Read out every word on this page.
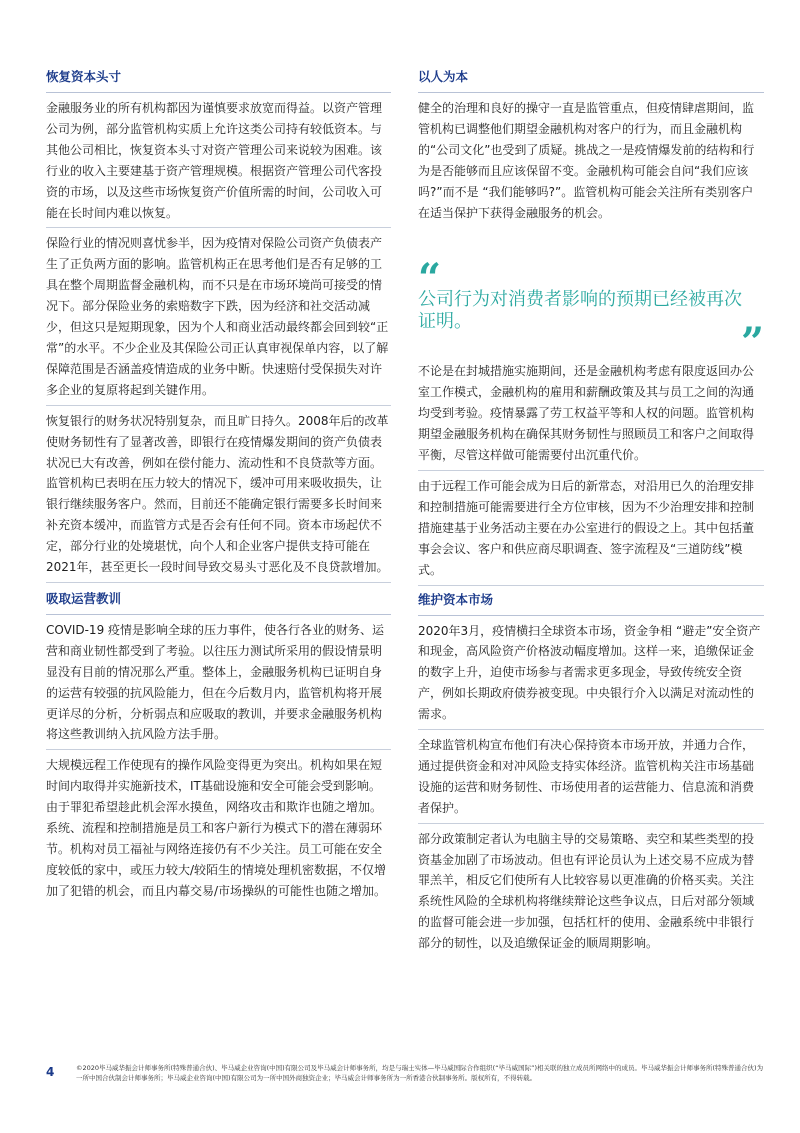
恢复资本头寸

金融服务业的所有机构都因为谨慎要求放宽而得益。以资产管理公司为例，部分监管机构实质上允许这类公司持有较低资本。与其他公司相比，恢复资本头寸对资产管理公司来说较为困难。该行业的收入主要建基于资产管理规模。根据资产管理公司代客投资的市场，以及这些市场恢复资产价值所需的时间，公司收入可能在长时间内难以恢复。

保险行业的情况则喜忧参半，因为疫情对保险公司资产负债表产生了正负两方面的影响。监管机构正在思考他们是否有足够的工具在整个周期监督金融机构，而不只是在市场环境尚可接受的情况下。部分保险业务的索赔数字下跌，因为经济和社交活动减少，但这只是短期现象，因为个人和商业活动最终都会回到较“正常”的水平。不少企业及其保险公司正认真审视保单内容，以了解保障范围是否涵盖疫情造成的业务中断。快速赔付受保损失对许多企业的复原将起到关键作用。

恢复银行的财务状况特别复杂，而且旷日持久。2008年后的改革使财务韧性有了显著改善，即银行在疫情爆发期间的资产负债表状况已大有改善，例如在偿付能力、流动性和不良贷款等方面。监管机构已表明在压力较大的情况下，缓冲可用来吸收损失，让银行继续服务客户。然而，目前还不能确定银行需要多长时间来补充资本缓冲，而监管方式是否会有任何不同。资本市场起伏不定，部分行业的处境堪忧，向个人和企业客户提供支持可能在2021年，甚至更长一段时间导致交易头寸恶化及不良贷款增加。

吸取运营教训

COVID-19 疫情是影响全球的压力事件，使各行各业的财务、运营和商业韧性都受到了考验。以往压力测试所采用的假设情景明显没有目前的情况那么严重。整体上，金融服务机构已证明自身的运营有较强的抗风险能力，但在今后数月内，监管机构将开展更详尽的分析，分析弱点和应吸取的教训，并要求金融服务机构将这些教训纳入抗风险方法手册。

大规模远程工作使现有的操作风险变得更为突出。机构如果在短时间内取得并实施新技术，IT基础设施和安全可能会受到影响。由于罪犯希望趁此机会浑水摸鱼，网络攻击和欺诈也随之增加。系统、流程和控制措施是员工和客户新行为模式下的潜在薄弱环节。机构对员工福祉与网络连接仍有不少关注。员工可能在安全度较低的家中，或压力较大/较陌生的情境处理机密数据，不仅增加了犯错的机会，而且内幕交易/市场操纵的可能性也随之增加。

以人为本

健全的治理和良好的操守一直是监管重点，但疫情肆虐期间，监管机构已调整他们期望金融机构对客户的行为，而且金融机构的“公司文化”也受到了质疑。挑战之一是疫情爆发前的结构和行为是否能够而且应该保留不变。金融机构可能会自问“我们应该吗?”而不是 “我们能够吗?”。监管机构可能会关注所有类别客户在适当保护下获得金融服务的机会。

“
公司行为对消费者影响的预期已经被再次证明。	”

不论是在封城措施实施期间，还是金融机构考虑有限度返回办公室工作模式，金融机构的雇用和薪酬政策及其与员工之间的沟通均受到考验。疫情暴露了劳工权益平等和人权的问题。监管机构期望金融服务机构在确保其财务韧性与照顾员工和客户之间取得平衡，尽管这样做可能需要付出沉重代价。

由于远程工作可能会成为日后的新常态，对沿用已久的治理安排和控制措施可能需要进行全方位审核，因为不少治理安排和控制措施建基于业务活动主要在办公室进行的假设之上。其中包括董事会会议、客户和供应商尽职调查、签字流程及“三道防线”模式。

维护资本市场

2020年3月，疫情横扫全球资本市场，资金争相 “避走”安全资产和现金，高风险资产价格波动幅度增加。这样一来，追缴保证金的数字上升，迫使市场参与者需求更多现金，导致传统安全资产，例如长期政府债券被变现。中央银行介入以满足对流动性的需求。

全球监管机构宣布他们有决心保持资本市场开放，并通力合作，通过提供资金和对冲风险支持实体经济。监管机构关注市场基础设施的运营和财务韧性、市场使用者的运营能力、信息流和消费者保护。

部分政策制定者认为电脑主导的交易策略、卖空和某些类型的投资基金加剧了市场波动。但也有评论员认为上述交易不应成为替罪羔羊，相反它们使所有人比较容易以更准确的价格买卖。关注系统性风险的全球机构将继续辩论这些争议点，日后对部分领域的监督可能会进一步加强，包括杠杆的使用、金融系统中非银行部分的韧性，以及追缴保证金的顺周期影响。

4	©2020毕马威华振会计师事务所(特殊普通合伙)、毕马威企业咨询(中国)有限公司及毕马威会计师事务所，均是与瑞士实体—毕马威国际合作组织(“毕马威国际”)相关联的独立成员所网络中的成员。毕马威华振会计师事务所(特殊普通合伙)为一所中国合伙制会计师事务所；毕马威企业咨询(中国)有限公司为一所中国外商独资企业；毕马威会计师事务所为一所香港合伙制事务所。版权所有，不得转载。
